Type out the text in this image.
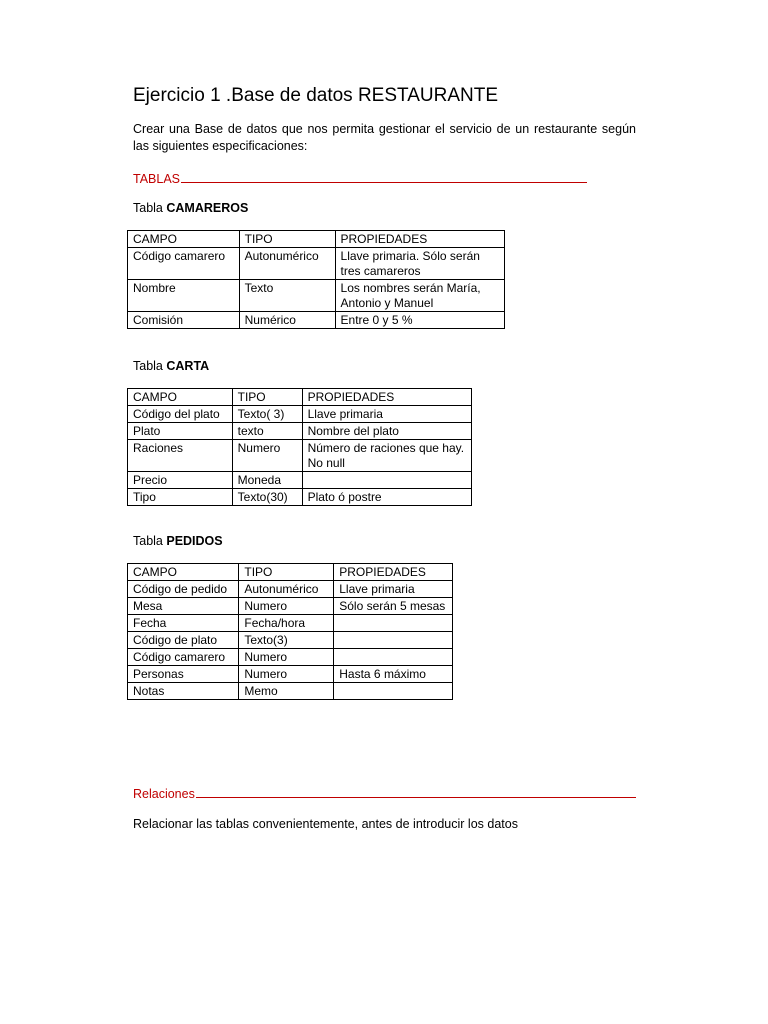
Ejercicio 1 .Base de datos RESTAURANTE
Crear una Base de datos que nos permita gestionar el servicio de un restaurante según las siguientes especificaciones:
TABLAS
Tabla CAMAREROS
CAMPO	TIPO	PROPIEDADES
Código camarero	Autonumérico	Llave primaria. Sólo serán tres camareros
Nombre	Texto	Los nombres serán María, Antonio y Manuel
Comisión	Numérico	Entre 0 y 5 %
Tabla CARTA
CAMPO	TIPO	PROPIEDADES
Código del plato	Texto( 3)	Llave primaria
Plato	texto	Nombre del plato
Raciones	Numero	Número de raciones que hay. No null
Precio	Moneda	
Tipo	Texto(30)	Plato ó postre
Tabla PEDIDOS
CAMPO	TIPO	PROPIEDADES
Código de pedido	Autonumérico	Llave primaria
Mesa	Numero	Sólo serán 5 mesas
Fecha	Fecha/hora	
Código de plato	Texto(3)	
Código camarero	Numero	
Personas	Numero	Hasta 6 máximo
Notas	Memo	
Relaciones
Relacionar las tablas convenientemente, antes de introducir los datos
